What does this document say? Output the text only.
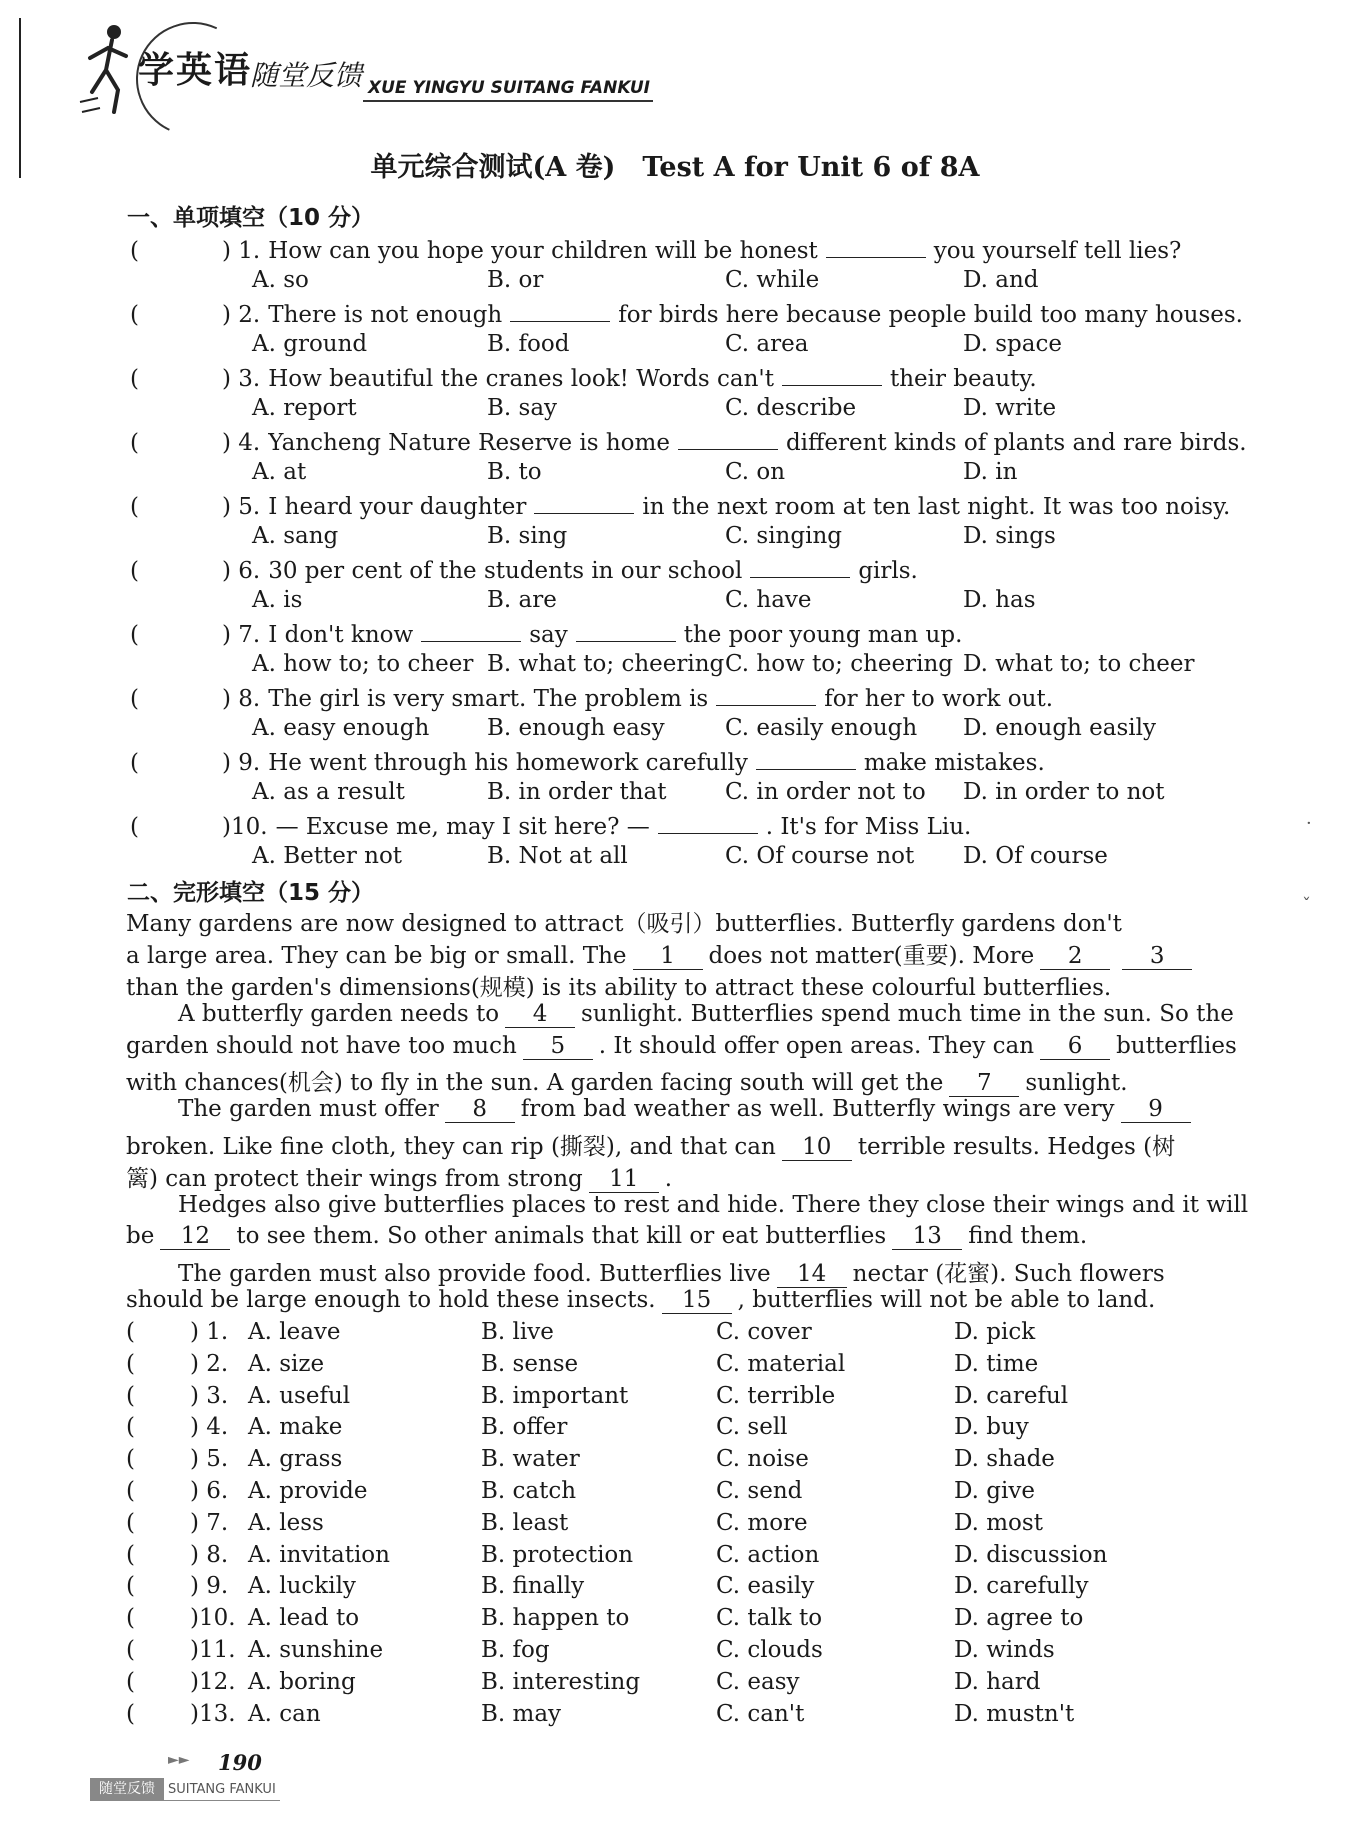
学英语
随堂反馈 XUE YINGYU SUITANG FANKUI
单元综合测试(A 卷)　Test A for Unit 6 of 8A
一、单项填空（10 分）
(	) 1. How can you hope your children will be honest	you yourself tell lies?
A. so	B. or	C. while	D. and
(	) 2. There is not enough	for birds here because people build too many houses.
A. ground	B. food	C. area	D. space
(	) 3. How beautiful the cranes look! Words can't	their beauty.
A. report	B. say	C. describe	D. write
(	) 4. Yancheng Nature Reserve is home	different kinds of plants and rare birds.
A. at	B. to	C. on	D. in
(	) 5. I heard your daughter	in the next room at ten last night. It was too noisy.
A. sang	B. sing	C. singing	D. sings
(	) 6. 30 per cent of the students in our school	girls.
A. is	B. are	C. have	D. has
(	) 7. I don't know	say	the poor young man up.
A. how to; to cheer B. what to; cheering C. how to; cheering D. what to; to cheer
(	) 8. The girl is very smart. The problem is	for her to work out.
A. easy enough	B. enough easy	C. easily enough D. enough easily
(	) 9. He went through his homework carefully	make mistakes.
A. as a result	B. in order that	C. in order not to D. in order to not
(	)10. — Excuse me, may I sit here? —	. It's for Miss Liu.
A. Better not	B. Not at all	C. Of course not D. Of course
二、完形填空（15 分）
Many gardens are now designed to attract（吸引）butterflies. Butterfly gardens don't
a large area. They can be big or small. The 1 does not matter(重要). More 2	3
than the garden's dimensions(规模) is its ability to attract these colourful butterflies.
A butterfly garden needs to 4 sunlight. Butterflies spend much time in the sun. So the
garden should not have too much 5 . It should offer open areas. They can 6 butterflies
with chances(机会) to fly in the sun. A garden facing south will get the 7 sunlight.
The garden must offer 8 from bad weather as well. Butterfly wings are very 9
broken. Like fine cloth, they can rip (撕裂), and that can 10 terrible results. Hedges (树
篱) can protect their wings from strong 11 .
Hedges also give butterflies places to rest and hide. There they close their wings and it will
be 12 to see them. So other animals that kill or eat butterflies 13 find them.
The garden must also provide food. Butterflies live 14 nectar (花蜜). Such flowers
should be large enough to hold these insects. 15 , butterflies will not be able to land.
( ) 1. A. leave	B. live	C. cover	D. pick
( ) 2. A. size	B. sense	C. material	D. time
( ) 3. A. useful	B. important	C. terrible	D. careful
( ) 4. A. make	B. offer	C. sell	D. buy
( ) 5. A. grass	B. water	C. noise	D. shade
( ) 6. A. provide	B. catch	C. send	D. give
( ) 7. A. less	B. least	C. more	D. most
( ) 8. A. invitation	B. protection	C. action	D. discussion
( ) 9. A. luckily	B. finally	C. easily	D. carefully
( )10. A. lead to	B. happen to	C. talk to	D. agree to
( )11. A. sunshine	B. fog	C. clouds	D. winds
( )12. A. boring	B. interesting	C. easy	D. hard
( )13. A. can	B. may	C. can't	D. mustn't
·
ˇ
►► 190
随堂反馈	SUITANG FANKUI
